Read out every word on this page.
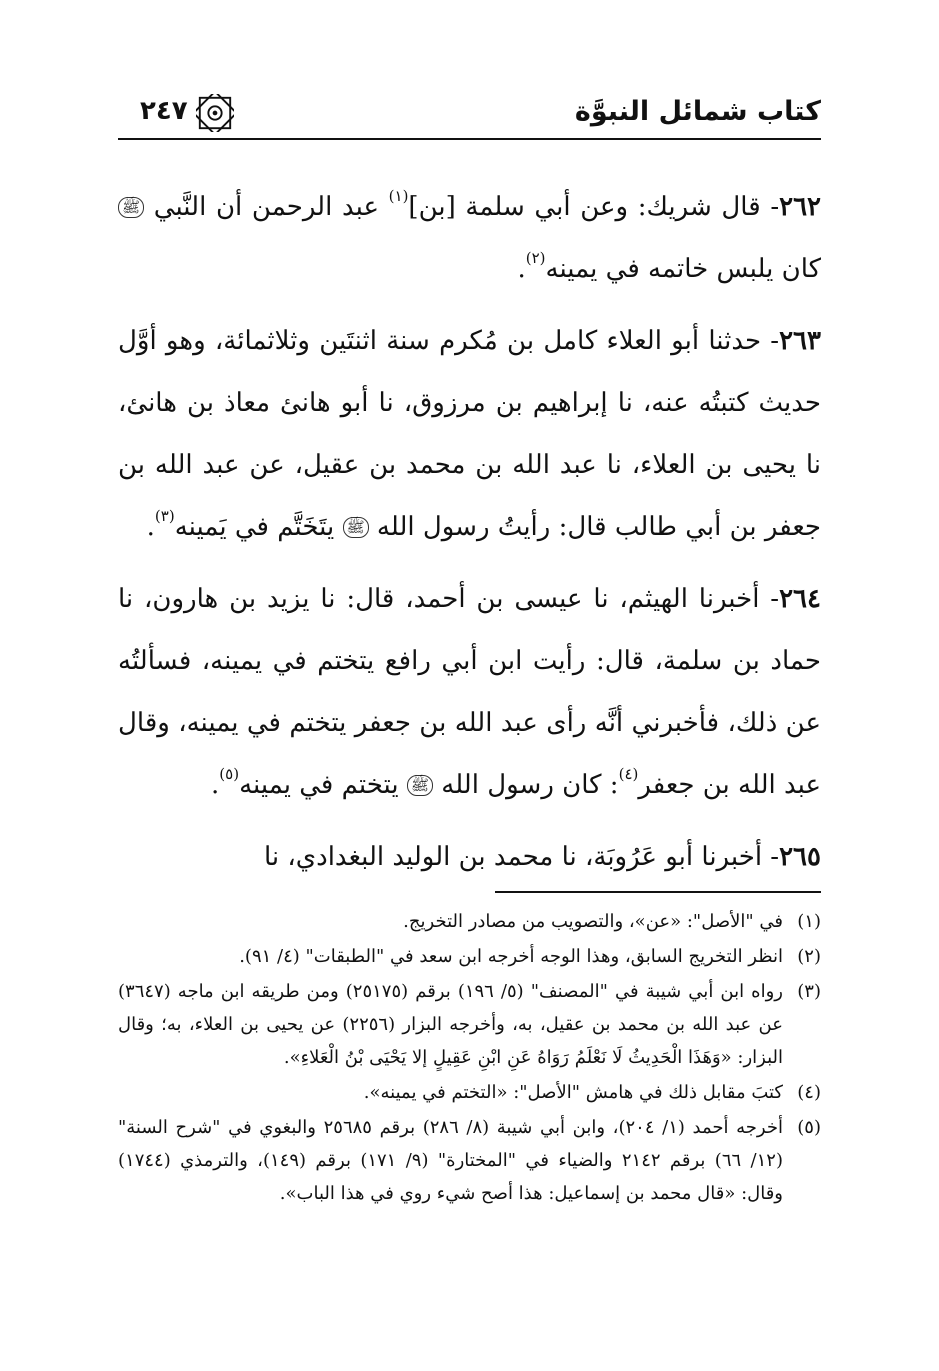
كتاب شمائل النبوَّة
٢٤٧

٢٦٢- قال شريك: وعن أبي سلمة [بن]$^{(١)}$ عبد الرحمن أن النَّبي ﷺ كان يلبس خاتمه في يمينه$^{(٢)}$.

٢٦٣- حدثنا أبو العلاء كامل بن مُكرم سنة اثنتَين وثلاثمائة، وهو أوَّل حديث كتبتُه عنه، نا إبراهيم بن مرزوق، نا أبو هانئ معاذ بن هانئ، نا يحيى بن العلاء، نا عبد الله بن محمد بن عقيل، عن عبد الله بن جعفر بن أبي طالب قال: رأيتُ رسول الله ﷺ يتَخَتَّم في يَمينه$^{(٣)}$.

٢٦٤- أخبرنا الهيثم، نا عيسى بن أحمد، قال: نا يزيد بن هارون، نا حماد بن سلمة، قال: رأيت ابن أبي رافع يتختم في يمينه، فسألتُه عن ذلك، فأخبرني أنَّه رأى عبد الله بن جعفر يتختم في يمينه، وقال عبد الله بن جعفر$^{(٤)}$: كان رسول الله ﷺ يتختم في يمينه$^{(٥)}$.

٢٦٥- أخبرنا أبو عَرُوبَة، نا محمد بن الوليد البغدادي، نا

(١)
في "الأصل": «عن»، والتصويب من مصادر التخريج.
(٢)
انظر التخريج السابق، وهذا الوجه أخرجه ابن سعد في "الطبقات" (٤/ ٩١).
(٣)
رواه ابن أبي شيبة في "المصنف" (٥/ ١٩٦) برقم (٢٥١٧٥) ومن طريقه ابن ماجه (٣٦٤٧) عن عبد الله بن محمد بن عقيل، به، وأخرجه البزار (٢٢٥٦) عن يحيى بن العلاء، به؛ وقال البزار: «وَهَذَا الْحَدِيثُ لَا نَعْلَمُ رَوَاهُ عَنِ ابْنِ عَقِيلٍ إلا يَحْيَى بْنُ الْعَلاءِ».
(٤)
كتبَ مقابل ذلك في هامش "الأصل": «التختم في يمينه».
(٥)
أخرجه أحمد (١/ ٢٠٤)، وابن أبي شيبة (٨/ ٢٨٦) برقم ٢٥٦٨٥ والبغوي في "شرح السنة" (١٢/ ٦٦) برقم ٢١٤٢ والضياء في "المختارة" (٩/ ١٧١) برقم (١٤٩)، والترمذي (١٧٤٤) وقال: «قال محمد بن إسماعيل: هذا أصح شيء روي في هذا الباب».
